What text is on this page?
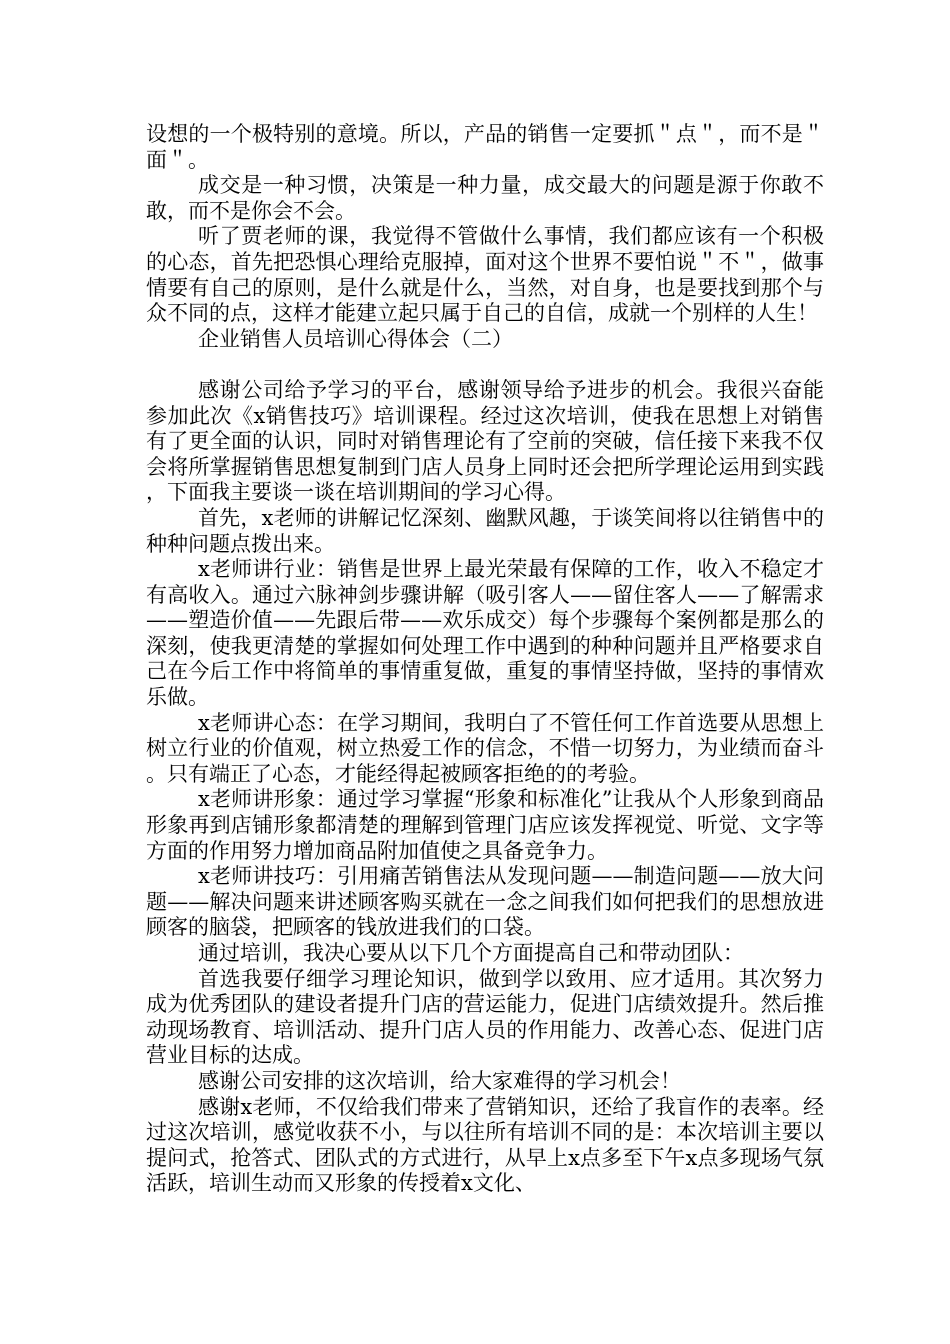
设想的一个极特别的意境。所以，产品的销售一定要抓＂点＂，而不是＂面＂。

成交是一种习惯，决策是一种力量，成交最大的问题是源于你敢不敢，而不是你会不会。

听了贾老师的课，我觉得不管做什么事情，我们都应该有一个积极的心态，首先把恐惧心理给克服掉，面对这个世界不要怕说＂不＂，做事情要有自己的原则，是什么就是什么，当然，对自身，也是要找到那个与众不同的点，这样才能建立起只属于自己的自信，成就一个别样的人生！

企业销售人员培训心得体会（二）

感谢公司给予学习的平台，感谢领导给予进步的机会。我很兴奋能参加此次《x销售技巧》培训课程。经过这次培训，使我在思想上对销售有了更全面的认识，同时对销售理论有了空前的突破，信任接下来我不仅会将所掌握销售思想复制到门店人员身上同时还会把所学理论运用到实践，下面我主要谈一谈在培训期间的学习心得。

首先，x老师的讲解记忆深刻、幽默风趣，于谈笑间将以往销售中的种种问题点拨出来。

x老师讲行业：销售是世界上最光荣最有保障的工作，收入不稳定才有高收入。通过六脉神剑步骤讲解（吸引客人——留住客人——了解需求——塑造价值——先跟后带——欢乐成交）每个步骤每个案例都是那么的深刻，使我更清楚的掌握如何处理工作中遇到的种种问题并且严格要求自己在今后工作中将简单的事情重复做，重复的事情坚持做，坚持的事情欢乐做。

x老师讲心态：在学习期间，我明白了不管任何工作首选要从思想上树立行业的价值观，树立热爱工作的信念，不惜一切努力，为业绩而奋斗。只有端正了心态，才能经得起被顾客拒绝的的考验。

x老师讲形象：通过学习掌握“形象和标准化”让我从个人形象到商品形象再到店铺形象都清楚的理解到管理门店应该发挥视觉、听觉、文字等方面的作用努力增加商品附加值使之具备竞争力。

x老师讲技巧：引用痛苦销售法从发现问题——制造问题——放大问题——解决问题来讲述顾客购买就在一念之间我们如何把我们的思想放进顾客的脑袋，把顾客的钱放进我们的口袋。

通过培训，我决心要从以下几个方面提高自己和带动团队：

首选我要仔细学习理论知识，做到学以致用、应才适用。其次努力成为优秀团队的建设者提升门店的营运能力，促进门店绩效提升。然后推动现场教育、培训活动、提升门店人员的作用能力、改善心态、促进门店营业目标的达成。

感谢公司安排的这次培训，给大家难得的学习机会！

感谢x老师，不仅给我们带来了营销知识，还给了我盲作的表率。经过这次培训，感觉收获不小，与以往所有培训不同的是：本次培训主要以提问式，抢答式、团队式的方式进行，从早上x点多至下午x点多现场气氛活跃，培训生动而又形象的传授着x文化、
